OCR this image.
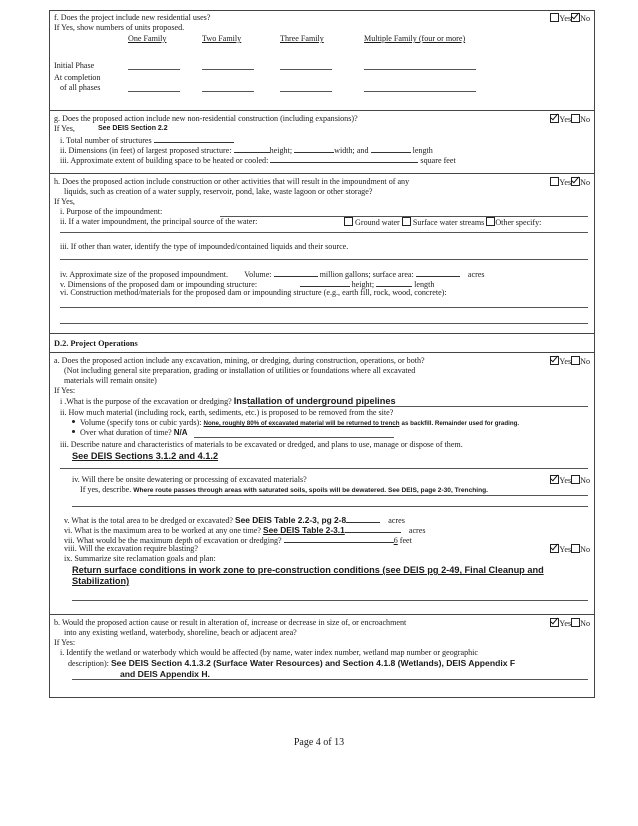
f. Does the project include new residential uses?	Yes No
If Yes, show numbers of units proposed.
One Family	Two Family	Three Family	Multiple Family (four or more)
Initial Phase
At completion
of all phases
g. Does the proposed action include new non-residential construction (including expansions)?	Yes No
If Yes,	See DEIS Section 2.2
i. Total number of structures
ii. Dimensions (in feet) of largest proposed structure:	height;	width; and	length
iii. Approximate extent of building space to be heated or cooled:	square feet
h. Does the proposed action include construction or other activities that will result in the impoundment of any	Yes No
liquids, such as creation of a water supply, reservoir, pond, lake, waste lagoon or other storage?
If Yes,
i. Purpose of the impoundment:
ii. If a water impoundment, the principal source of the water:	Ground water Surface water streams Other specify:
iii. If other than water, identify the type of impounded/contained liquids and their source.
iv. Approximate size of the proposed impoundment. Volume:	million gallons; surface area:	acres
v. Dimensions of the proposed dam or impounding structure:	height;	length
vi. Construction method/materials for the proposed dam or impounding structure (e.g., earth fill, rock, wood, concrete):
D.2. Project Operations
a. Does the proposed action include any excavation, mining, or dredging, during construction, operations, or both?	Yes No
(Not including general site preparation, grading or installation of utilities or foundations where all excavated
materials will remain onsite)
If Yes:
i .What is the purpose of the excavation or dredging? Installation of underground pipelines
ii. How much material (including rock, earth, sediments, etc.) is proposed to be removed from the site?
Volume (specify tons or cubic yards): None, roughly 80% of excavated material will be returned to trench as backfill. Remainder used for grading.
Over what duration of time? N/A
iii. Describe nature and characteristics of materials to be excavated or dredged, and plans to use, manage or dispose of them.
See DEIS Sections 3.1.2 and 4.1.2
iv. Will there be onsite dewatering or processing of excavated materials?	Yes No
If yes, describe. Where route passes through areas with saturated soils, spoils will be dewatered. See DEIS, page 2-30, Trenching.
v. What is the total area to be dredged or excavated? See DEIS Table 2.2-3, pg 2-8	acres
vi. What is the maximum area to be worked at any one time? See DEIS Table 2-3.1	acres
vii. What would be the maximum depth of excavation or dredging?	6 feet
viii. Will the excavation require blasting?	Yes No
ix. Summarize site reclamation goals and plan:
Return surface conditions in work zone to pre-construction conditions (see DEIS pg 2-49, Final Cleanup and
Stabilization)
b. Would the proposed action cause or result in alteration of, increase or decrease in size of, or encroachment	Yes No
into any existing wetland, waterbody, shoreline, beach or adjacent area?
If Yes:
i. Identify the wetland or waterbody which would be affected (by name, water index number, wetland map number or geographic
description): See DEIS Section 4.1.3.2 (Surface Water Resources) and Section 4.1.8 (Wetlands), DEIS Appendix F
and DEIS Appendix H.
Page 4 of 13
